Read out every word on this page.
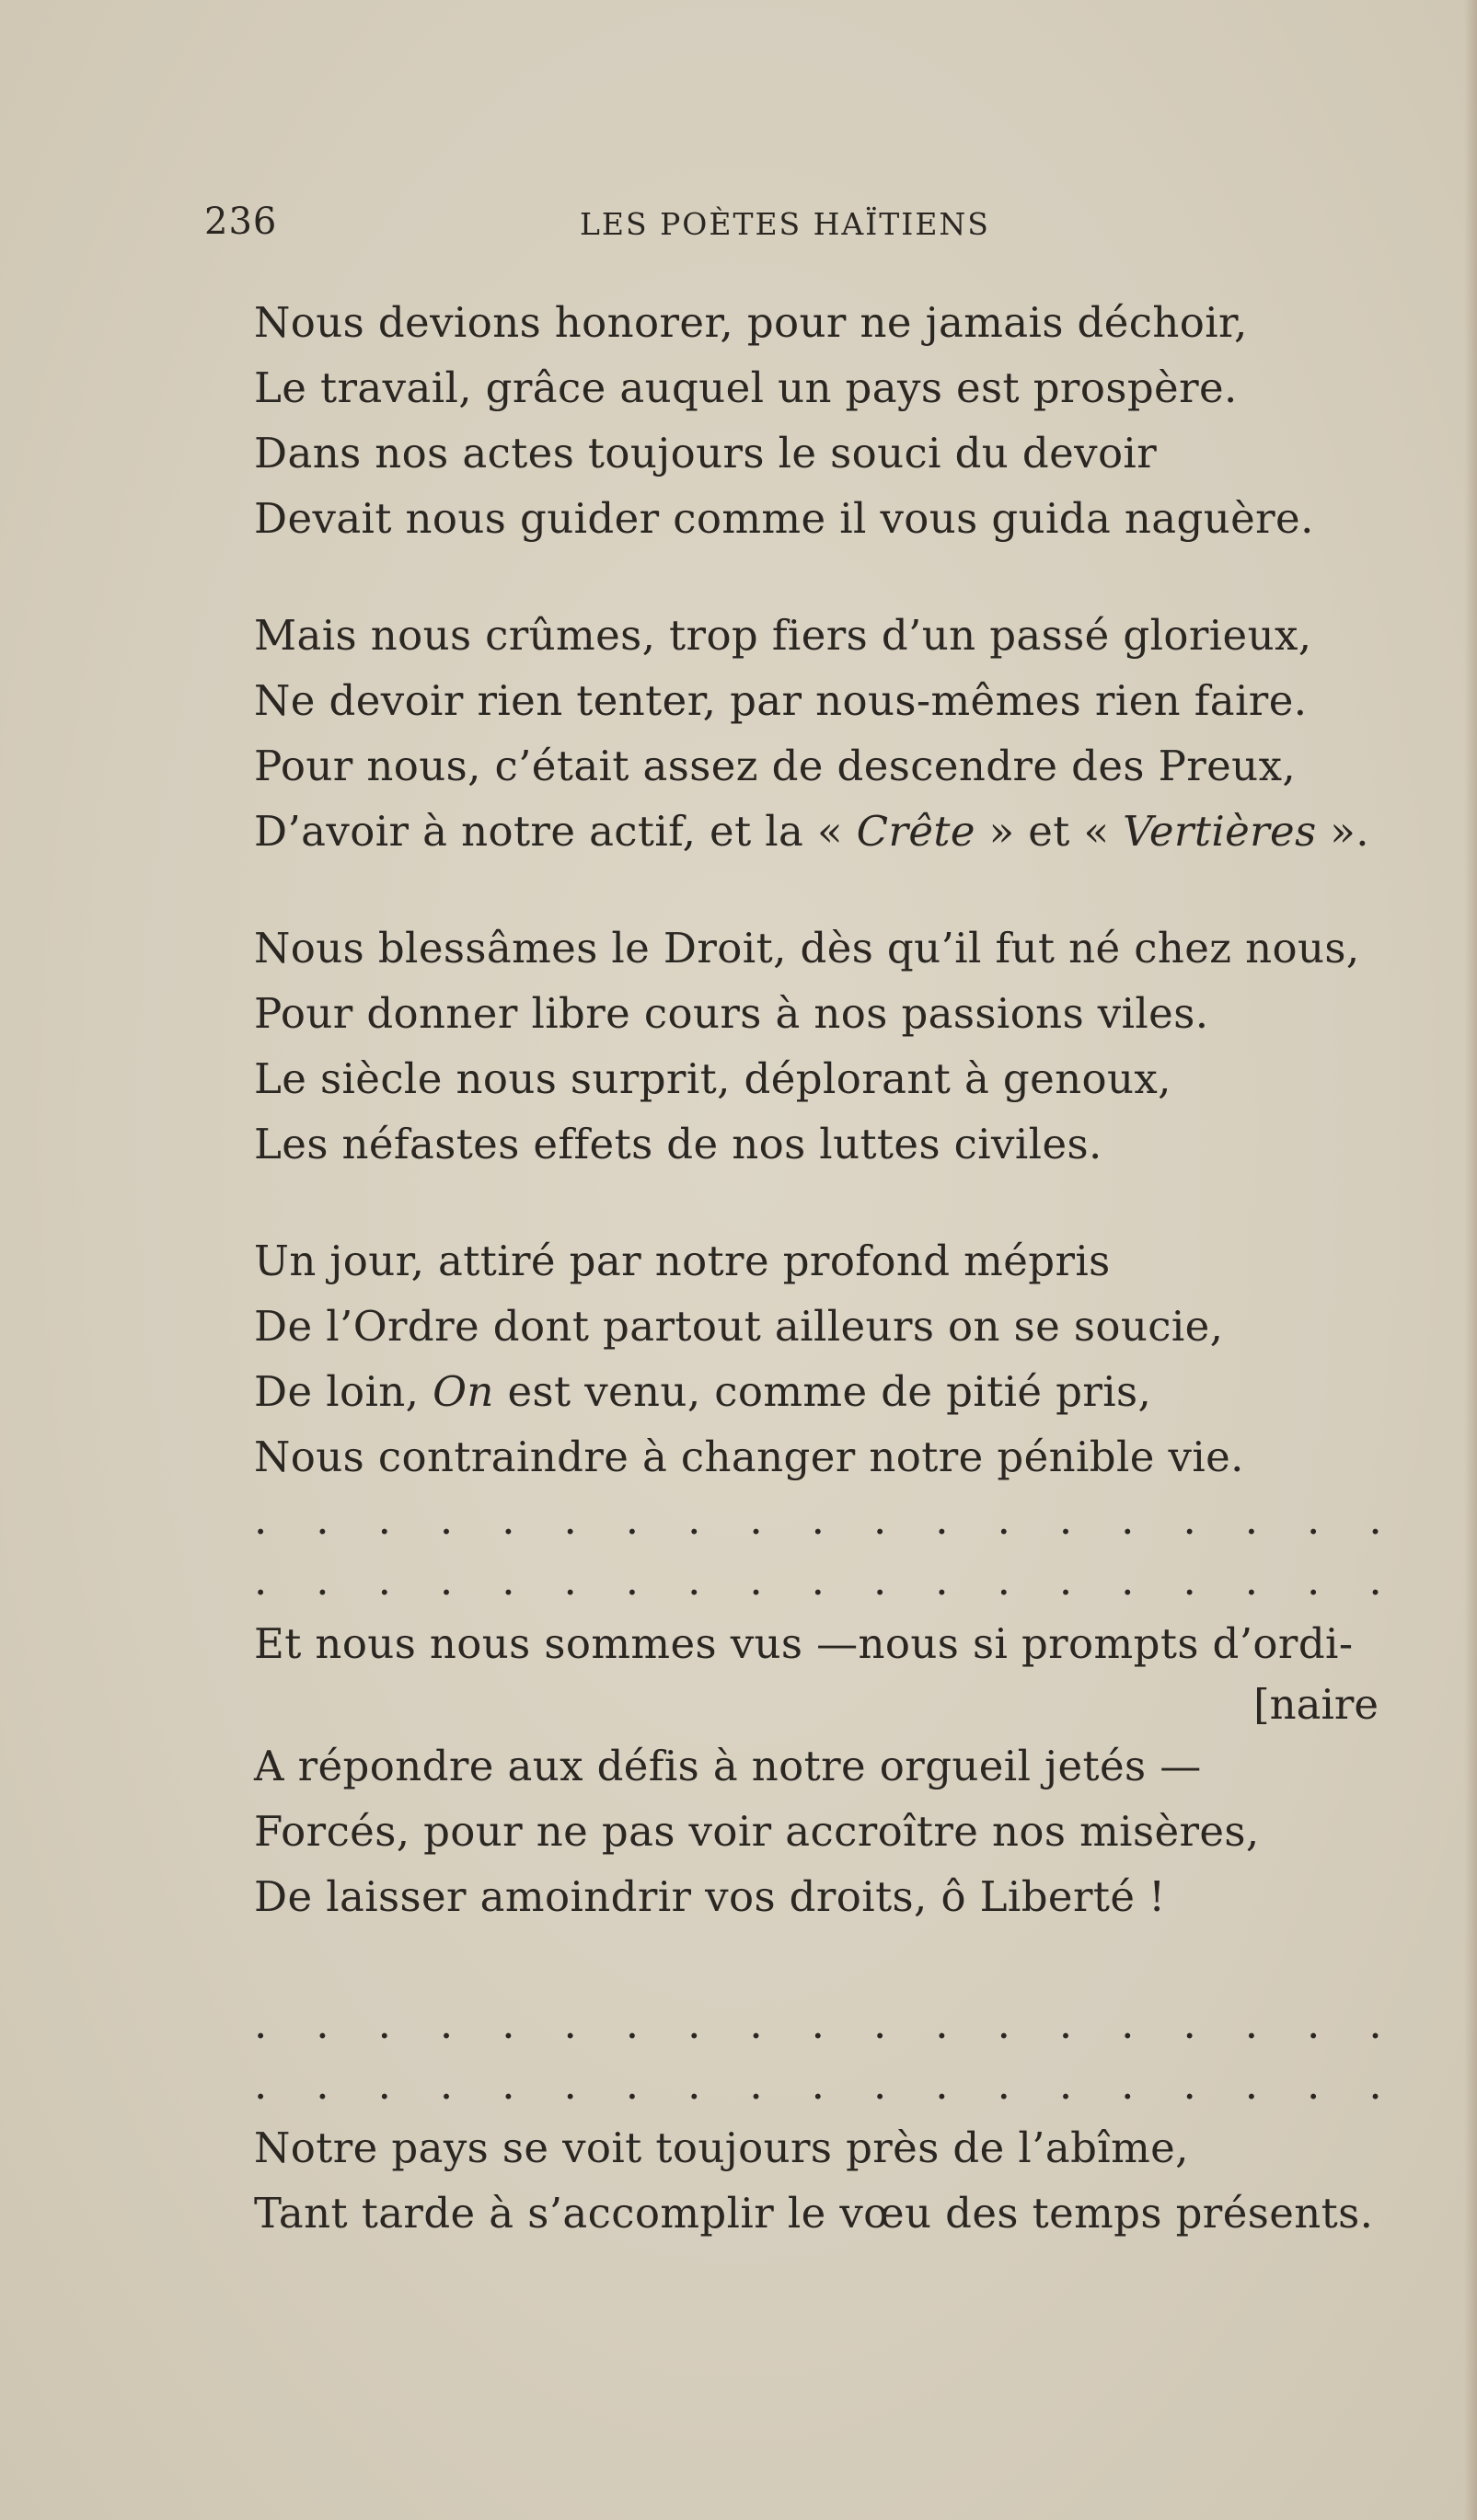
236	LES POÈTES HAÏTIENS
Nous devions honorer, pour ne jamais déchoir,
Le travail, grâce auquel un pays est prospère.
Dans nos actes toujours le souci du devoir
Devait nous guider comme il vous guida naguère.
Mais nous crûmes, trop fiers d’un passé glorieux,
Ne devoir rien tenter, par nous-mêmes rien faire.
Pour nous, c’était assez de descendre des Preux,
D’avoir à notre actif, et la « Crête » et « Vertières ».
Nous blessâmes le Droit, dès qu’il fut né chez nous,
Pour donner libre cours à nos passions viles.
Le siècle nous surprit, déplorant à genoux,
Les néfastes effets de nos luttes civiles.
Un jour, attiré par notre profond mépris
De l’Ordre dont partout ailleurs on se soucie,
De loin, On est venu, comme de pitié pris,
Nous contraindre à changer notre pénible vie.
. . . . . . . . . . . . . . . . . . .
. . . . . . . . . . . . . . . . . . .
Et nous nous sommes vus —nous si prompts d’ordi-
[naire
A répondre aux défis à notre orgueil jetés —
Forcés, pour ne pas voir accroître nos misères,
De laisser amoindrir vos droits, ô Liberté !
. . . . . . . . . . . . . . . . . . .
. . . . . . . . . . . . . . . . . . .
Notre pays se voit toujours près de l’abîme,
Tant tarde à s’accomplir le vœu des temps présents.
